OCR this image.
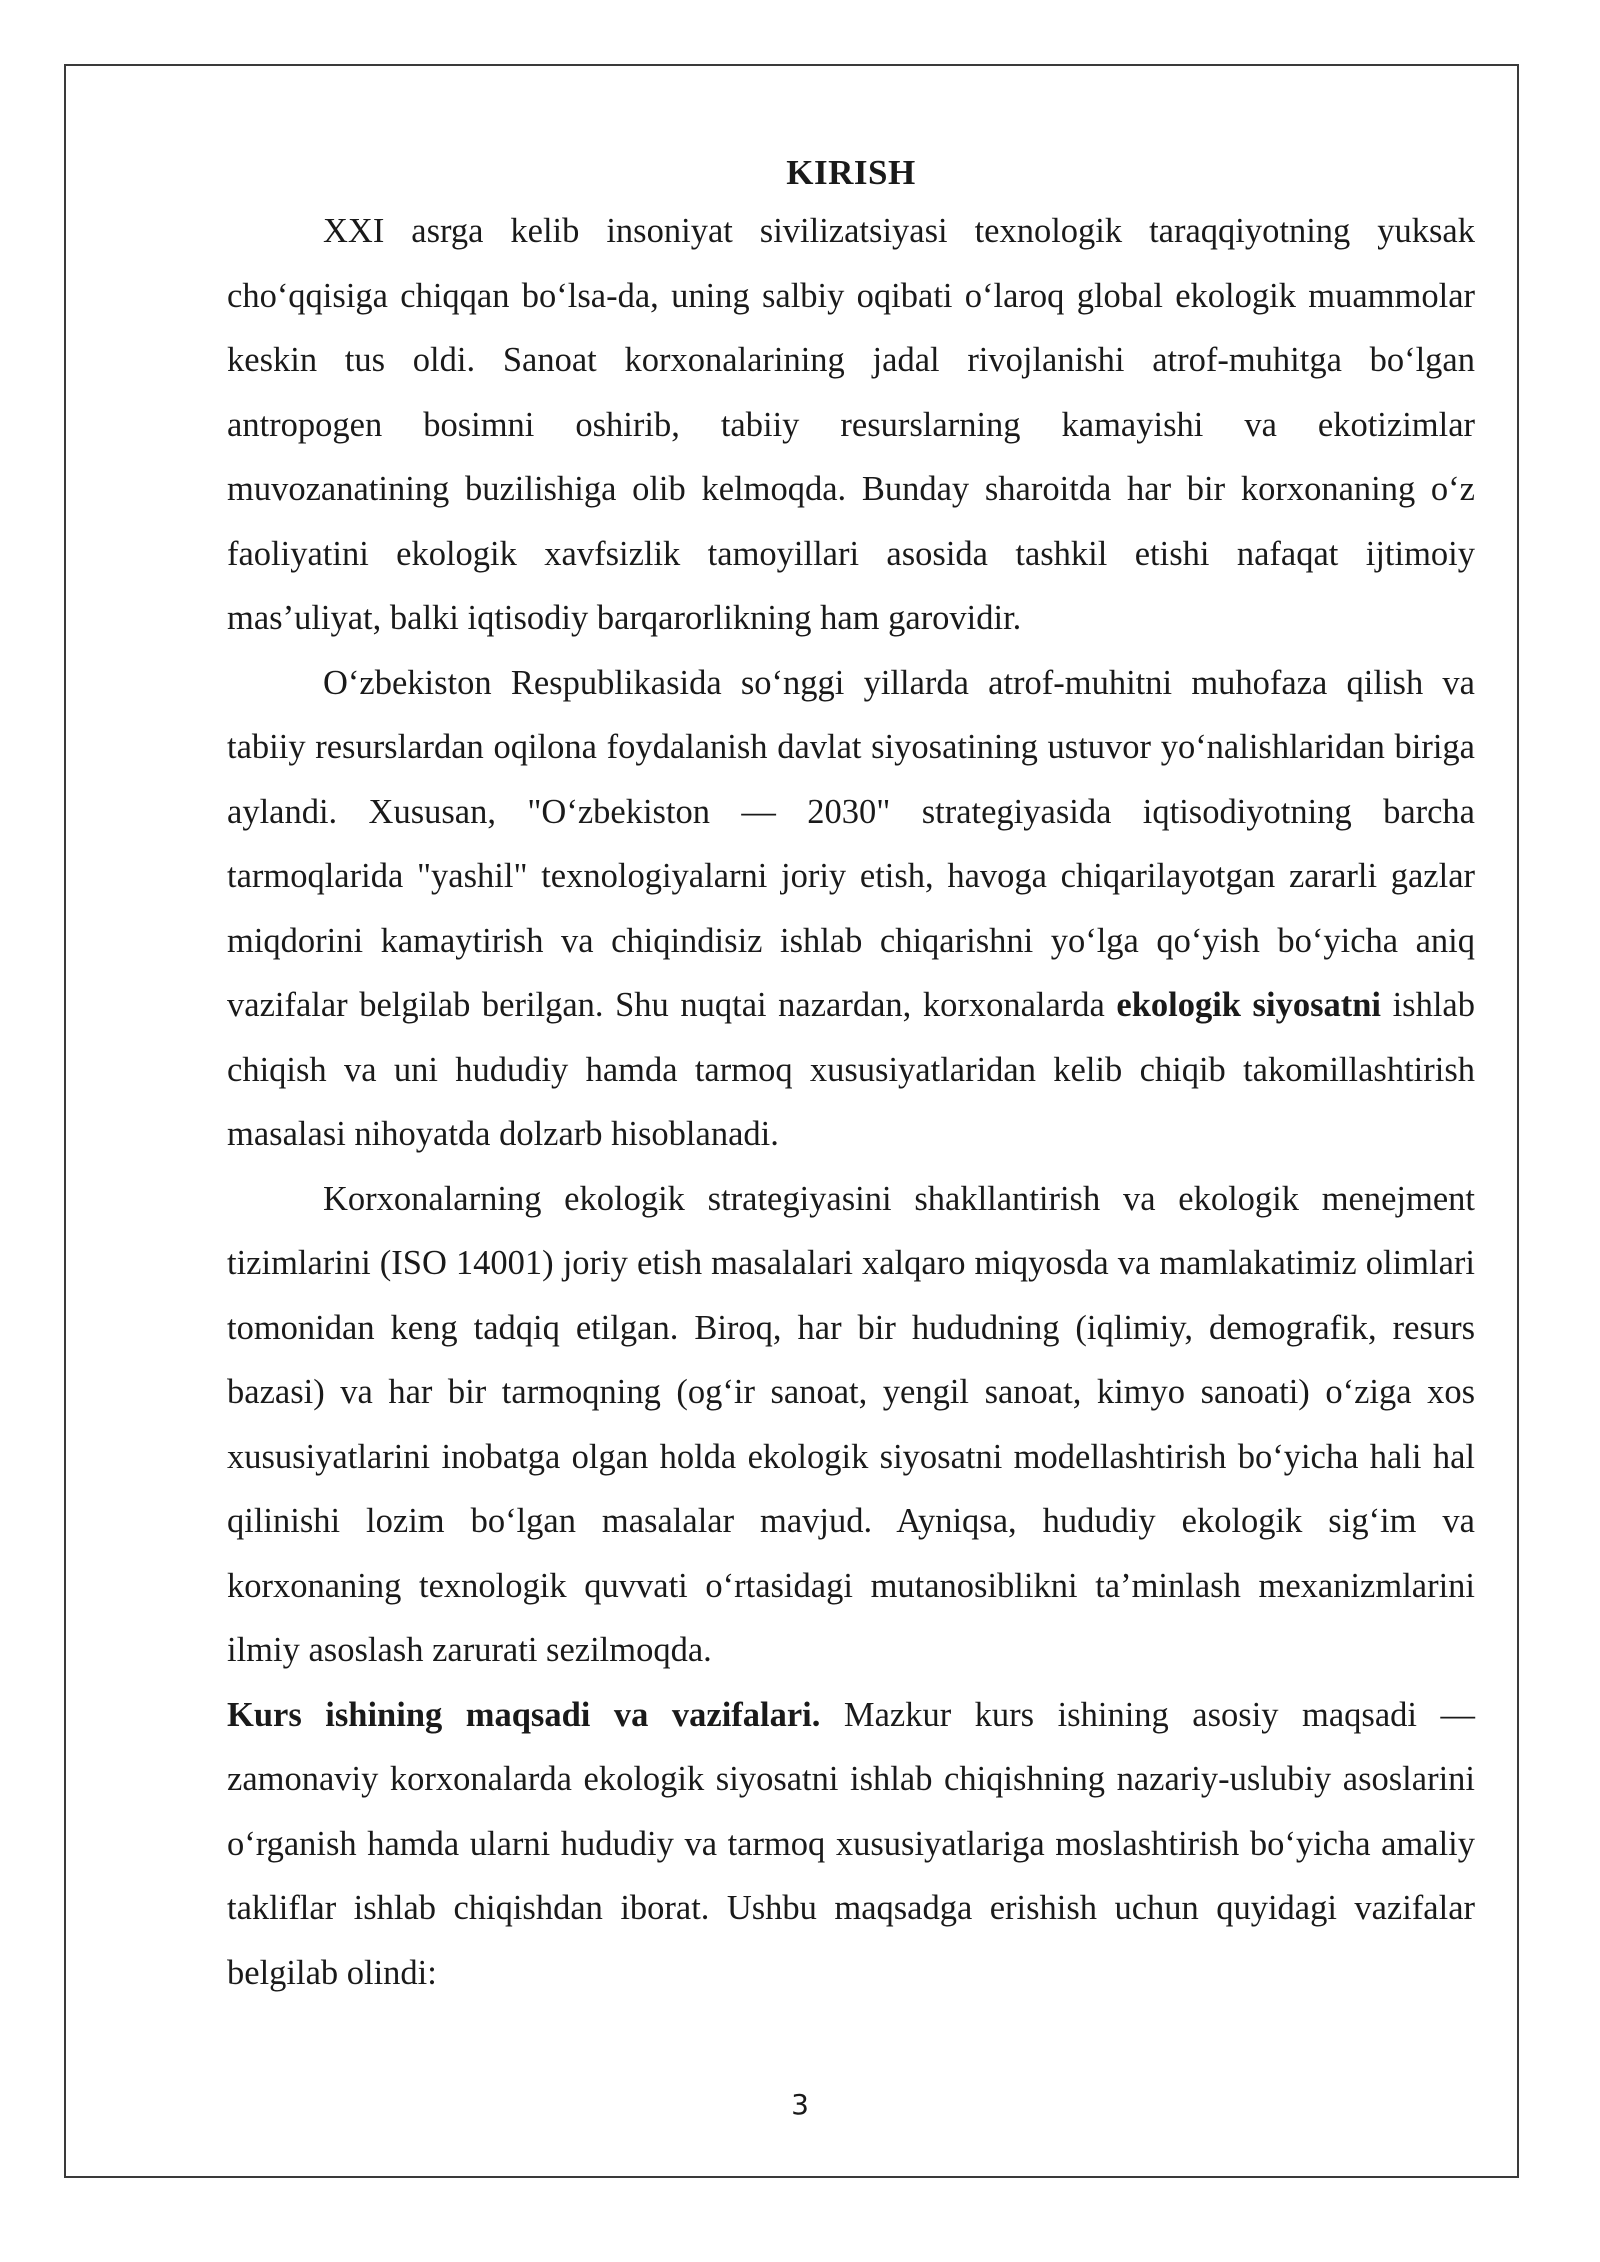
KIRISH

XXI asrga kelib insoniyat sivilizatsiyasi texnologik taraqqiyotning yuksak cho‘qqisiga chiqqan bo‘lsa-da, uning salbiy oqibati o‘laroq global ekologik muammolar keskin tus oldi. Sanoat korxonalarining jadal rivojlanishi atrof-muhitga bo‘lgan antropogen bosimni oshirib, tabiiy resurslarning kamayishi va ekotizimlar muvozanatining buzilishiga olib kelmoqda. Bunday sharoitda har bir korxonaning o‘z faoliyatini ekologik xavfsizlik tamoyillari asosida tashkil etishi nafaqat ijtimoiy mas’uliyat, balki iqtisodiy barqarorlikning ham garovidir.

O‘zbekiston Respublikasida so‘nggi yillarda atrof-muhitni muhofaza qilish va tabiiy resurslardan oqilona foydalanish davlat siyosatining ustuvor yo‘nalishlaridan biriga aylandi. Xususan, "O‘zbekiston — 2030" strategiyasida iqtisodiyotning barcha tarmoqlarida "yashil" texnologiyalarni joriy etish, havoga chiqarilayotgan zararli gazlar miqdorini kamaytirish va chiqindisiz ishlab chiqarishni yo‘lga qo‘yish bo‘yicha aniq vazifalar belgilab berilgan. Shu nuqtai nazardan, korxonalarda ekologik siyosatni ishlab chiqish va uni hududiy hamda tarmoq xususiyatlaridan kelib chiqib takomillashtirish masalasi nihoyatda dolzarb hisoblanadi.

Korxonalarning ekologik strategiyasini shakllantirish va ekologik menejment tizimlarini (ISO 14001) joriy etish masalalari xalqaro miqyosda va mamlakatimiz olimlari tomonidan keng tadqiq etilgan. Biroq, har bir hududning (iqlimiy, demografik, resurs bazasi) va har bir tarmoqning (og‘ir sanoat, yengil sanoat, kimyo sanoati) o‘ziga xos xususiyatlarini inobatga olgan holda ekologik siyosatni modellashtirish bo‘yicha hali hal qilinishi lozim bo‘lgan masalalar mavjud. Ayniqsa, hududiy ekologik sig‘im va korxonaning texnologik quvvati o‘rtasidagi mutanosiblikni ta’minlash mexanizmlarini ilmiy asoslash zarurati sezilmoqda.

Kurs ishining maqsadi va vazifalari. Mazkur kurs ishining asosiy maqsadi — zamonaviy korxonalarda ekologik siyosatni ishlab chiqishning nazariy-uslubiy asoslarini o‘rganish hamda ularni hududiy va tarmoq xususiyatlariga moslashtirish bo‘yicha amaliy takliflar ishlab chiqishdan iborat. Ushbu maqsadga erishish uchun quyidagi vazifalar belgilab olindi:

3
